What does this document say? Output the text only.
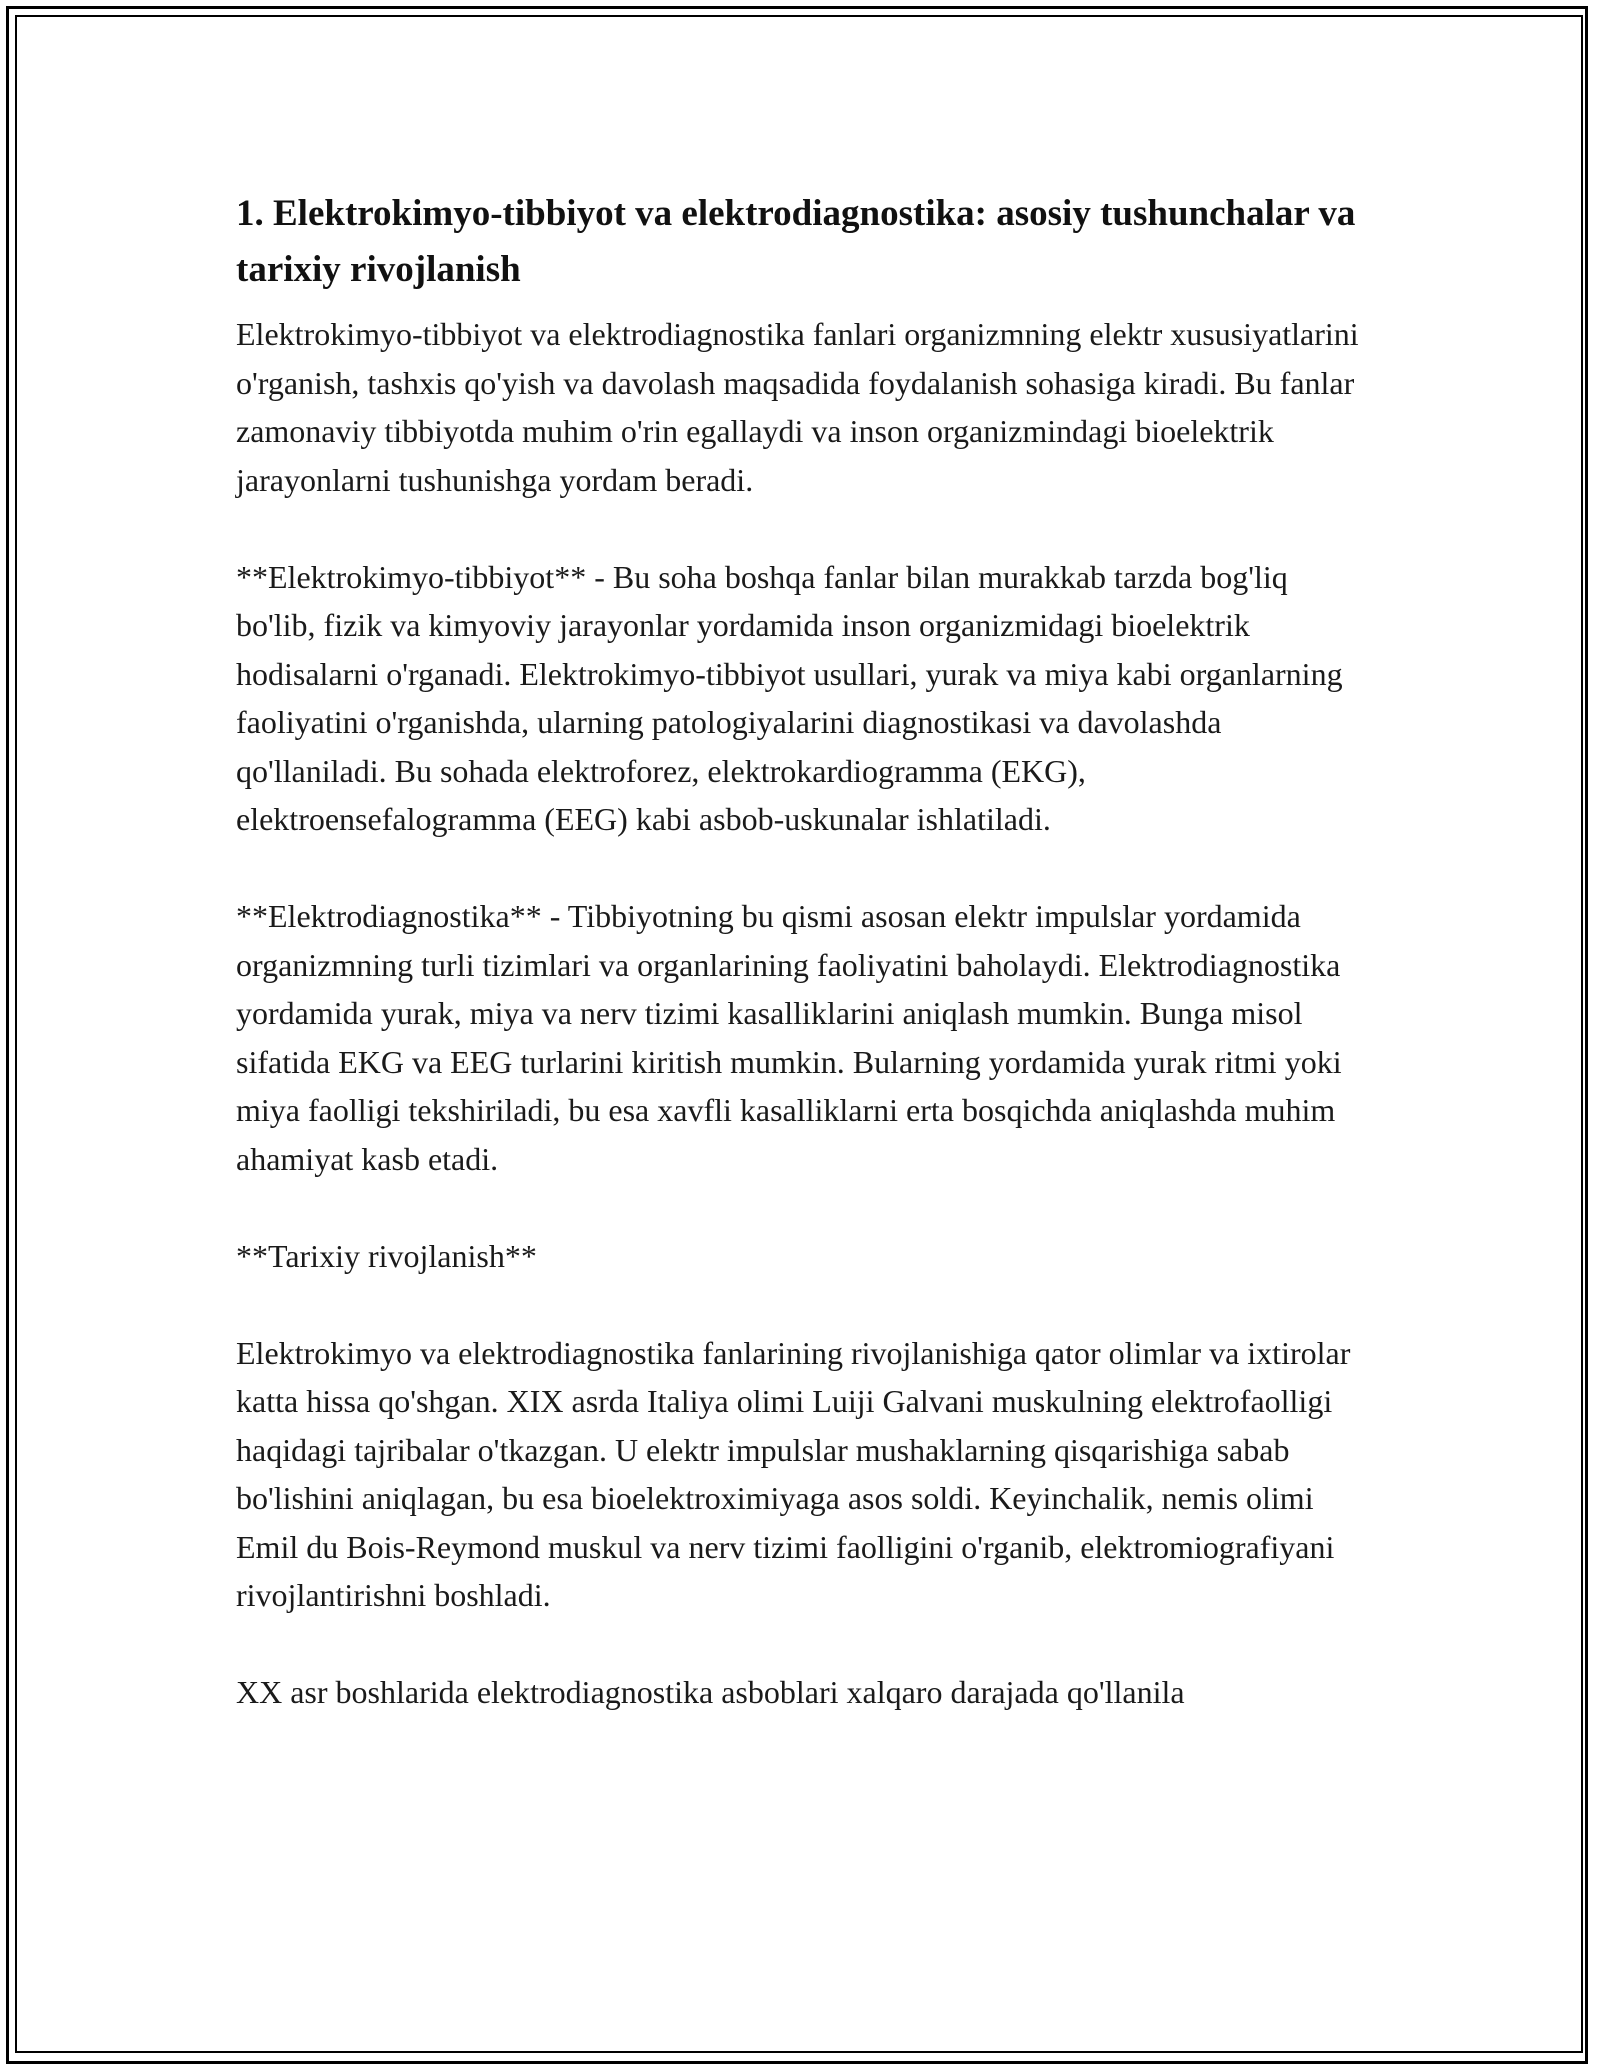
1. Elektrokimyo-tibbiyot va elektrodiagnostika: asosiy tushunchalar va tarixiy rivojlanish

Elektrokimyo-tibbiyot va elektrodiagnostika fanlari organizmning elektr xususiyatlarini o'rganish, tashxis qo'yish va davolash maqsadida foydalanish sohasiga kiradi. Bu fanlar zamonaviy tibbiyotda muhim o'rin egallaydi va inson organizmindagi bioelektrik jarayonlarni tushunishga yordam beradi.

**Elektrokimyo-tibbiyot** - Bu soha boshqa fanlar bilan murakkab tarzda bog'liq bo'lib, fizik va kimyoviy jarayonlar yordamida inson organizmidagi bioelektrik hodisalarni o'rganadi. Elektrokimyo-tibbiyot usullari, yurak va miya kabi organlarning faoliyatini o'rganishda, ularning patologiyalarini diagnostikasi va davolashda qo'llaniladi. Bu sohada elektroforez, elektrokardiogramma (EKG), elektroensefalogramma (EEG) kabi asbob-uskunalar ishlatiladi.

**Elektrodiagnostika** - Tibbiyotning bu qismi asosan elektr impulslar yordamida organizmning turli tizimlari va organlarining faoliyatini baholaydi. Elektrodiagnostika yordamida yurak, miya va nerv tizimi kasalliklarini aniqlash mumkin. Bunga misol sifatida EKG va EEG turlarini kiritish mumkin. Bularning yordamida yurak ritmi yoki miya faolligi tekshiriladi, bu esa xavfli kasalliklarni erta bosqichda aniqlashda muhim ahamiyat kasb etadi.

**Tarixiy rivojlanish**

Elektrokimyo va elektrodiagnostika fanlarining rivojlanishiga qator olimlar va ixtirolar katta hissa qo'shgan. XIX asrda Italiya olimi Luiji Galvani muskulning elektrofaolligi haqidagi tajribalar o'tkazgan. U elektr impulslar mushaklarning qisqarishiga sabab bo'lishini aniqlagan, bu esa bioelektroximiyaga asos soldi. Keyinchalik, nemis olimi Emil du Bois-Reymond muskul va nerv tizimi faolligini o'rganib, elektromiografiyani rivojlantirishni boshladi.

XX asr boshlarida elektrodiagnostika asboblari xalqaro darajada qo'llanila
